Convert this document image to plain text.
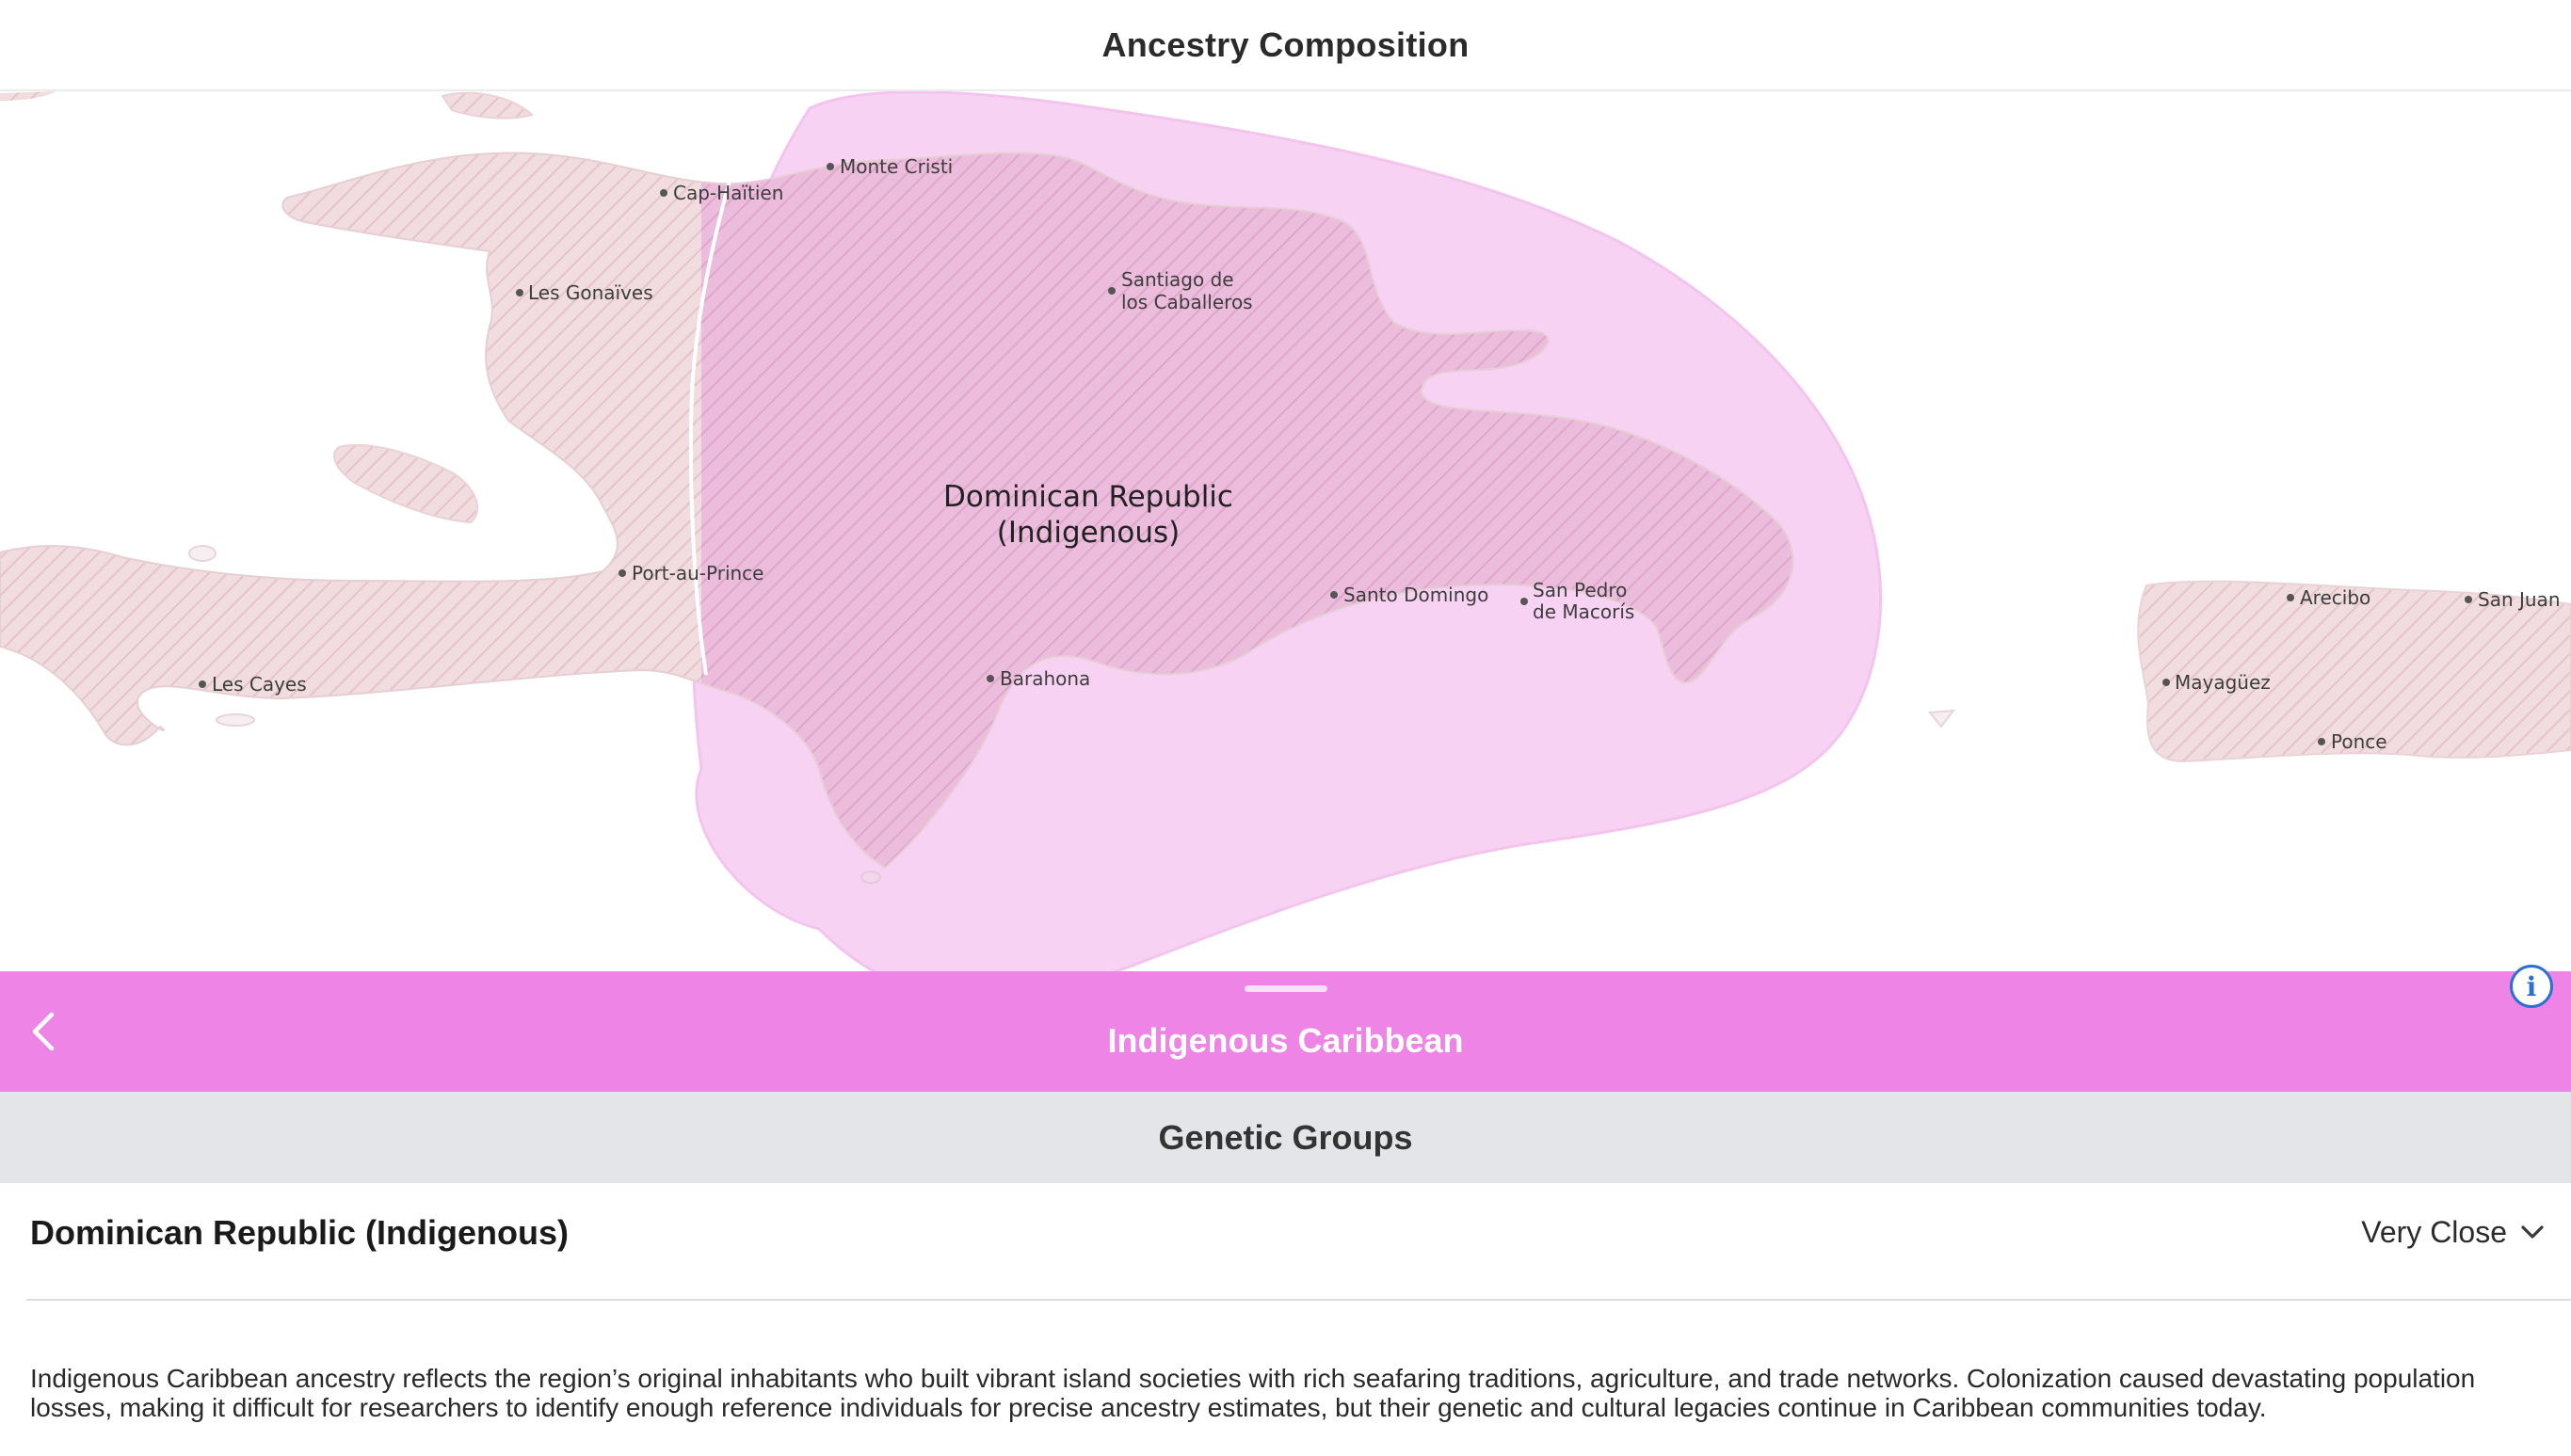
Ancestry Composition
Cap-Haïtien
Monte Cristi
Les Gonaïves
Santiago de
los Caballeros
Port-au-Prince
Santo Domingo San Pedro
de Macorís
Barahona
Les Cayes
Arecibo	San Juan
Mayagüez
Ponce
Dominican Republic
(Indigenous)
i
Indigenous Caribbean
Genetic Groups
Dominican Republic (Indigenous)	Very Close

Indigenous Caribbean ancestry reflects the region’s original inhabitants who built vibrant island societies with rich seafaring traditions, agriculture, and trade networks. Colonization caused devastating population losses, making it difficult for researchers to identify enough reference individuals for precise ancestry estimates, but their genetic and cultural legacies continue in Caribbean communities today.
